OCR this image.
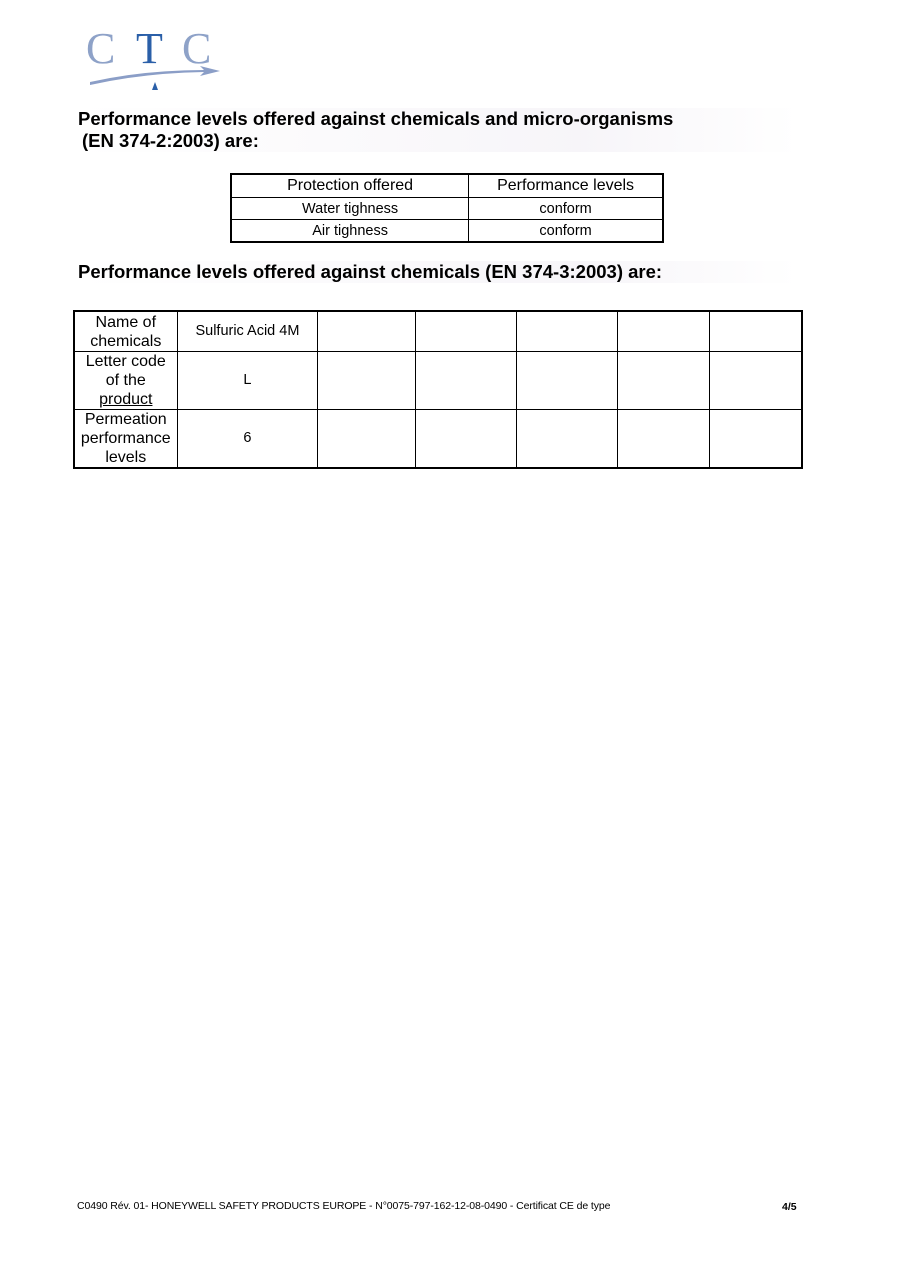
C T C
Performance levels offered against chemicals and micro-organisms
(EN 374-2:2003) are:
Protection offered	Performance levels
Water tighness	conform
Air tighness	conform
Performance levels offered against chemicals (EN 374-3:2003) are:
Name of
chemicals	Sulfuric Acid 4M					

Letter code
of the
product	L					

Permeation
performance
levels	6					
C0490 Rév. 01- HONEYWELL SAFETY PRODUCTS EUROPE - N°0075-797-162-12-08-0490 - Certificat CE de type	4/5
